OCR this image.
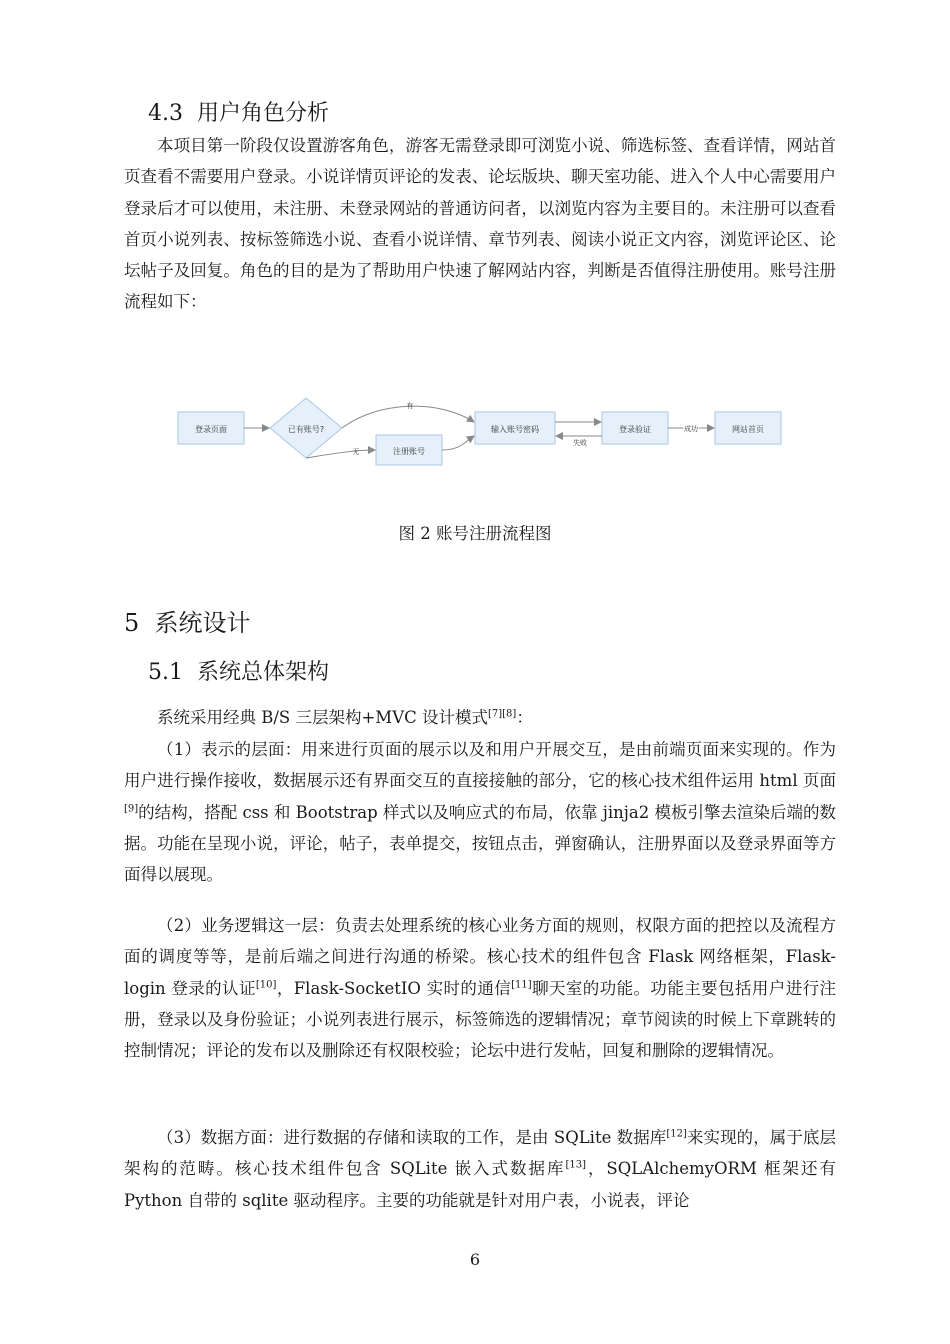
4.3 用户角色分析

本项目第一阶段仅设置游客角色，游客无需登录即可浏览小说、筛选标签、查看详情，网站首页查看不需要用户登录。小说详情页评论的发表、论坛版块、聊天室功能、进入个人中心需要用户登录后才可以使用，未注册、未登录网站的普通访问者，以浏览内容为主要目的。未注册可以查看首页小说列表、按标签筛选小说、查看小说详情、章节列表、阅读小说正文内容，浏览评论区、论坛帖子及回复。角色的目的是为了帮助用户快速了解网站内容，判断是否值得注册使用。账号注册流程如下：

登录页面	已有账号?
注册账号
输入账号密码	登录验证	网站首页
有
无
失败
成功
图 2 账号注册流程图
5 系统设计
5.1 系统总体架构

系统采用经典 B/S 三层架构+MVC 设计模式[7][8]：

（1）表示的层面：用来进行页面的展示以及和用户开展交互，是由前端页面来实现的。作为用户进行操作接收，数据展示还有界面交互的直接接触的部分，它的核心技术组件运用 html 页面[9]的结构，搭配 css 和 Bootstrap 样式以及响应式的布局，依靠 jinja2 模板引擎去渲染后端的数据。功能在呈现小说，评论，帖子，表单提交，按钮点击，弹窗确认，注册界面以及登录界面等方面得以展现。

（2）业务逻辑这一层：负责去处理系统的核心业务方面的规则，权限方面的把控以及流程方面的调度等等，是前后端之间进行沟通的桥梁。核心技术的组件包含 Flask 网络框架，Flask-login 登录的认证[10]，Flask-SocketIO 实时的通信[11]聊天室的功能。功能主要包括用户进行注册，登录以及身份验证；小说列表进行展示，标签筛选的逻辑情况；章节阅读的时候上下章跳转的控制情况；评论的发布以及删除还有权限校验；论坛中进行发帖，回复和删除的逻辑情况。

（3）数据方面：进行数据的存储和读取的工作，是由 SQLite 数据库[12]来实现的，属于底层架构的范畴。核心技术组件包含 SQLite 嵌入式数据库[13]，SQLAlchemyORM 框架还有 Python 自带的 sqlite 驱动程序。主要的功能就是针对用户表，小说表，评论

6
